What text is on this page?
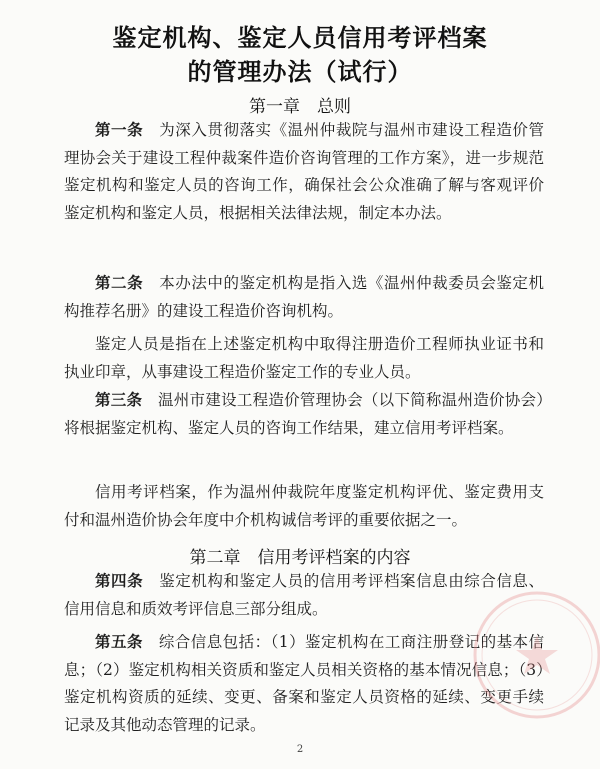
鉴定机构、鉴定人员信用考评档案
的管理办法（试行）
第一章　总则

第一条　为深入贯彻落实《温州仲裁院与温州市建设工程造价管理协会关于建设工程仲裁案件造价咨询管理的工作方案》，进一步规范鉴定机构和鉴定人员的咨询工作，确保社会公众准确了解与客观评价鉴定机构和鉴定人员，根据相关法律法规，制定本办法。

第二条　本办法中的鉴定机构是指入选《温州仲裁委员会鉴定机构推荐名册》的建设工程造价咨询机构。

鉴定人员是指在上述鉴定机构中取得注册造价工程师执业证书和执业印章，从事建设工程造价鉴定工作的专业人员。

第三条　温州市建设工程造价管理协会（以下简称温州造价协会）将根据鉴定机构、鉴定人员的咨询工作结果，建立信用考评档案。

信用考评档案，作为温州仲裁院年度鉴定机构评优、鉴定费用支付和温州造价协会年度中介机构诚信考评的重要依据之一。

第二章　信用考评档案的内容

第四条　鉴定机构和鉴定人员的信用考评档案信息由综合信息、信用信息和质效考评信息三部分组成。

第五条　综合信息包括：（1）鉴定机构在工商注册登记的基本信息；（2）鉴定机构相关资质和鉴定人员相关资格的基本情况信息；（3）鉴定机构资质的延续、变更、备案和鉴定人员资格的延续、变更手续记录及其他动态管理的记录。

2
